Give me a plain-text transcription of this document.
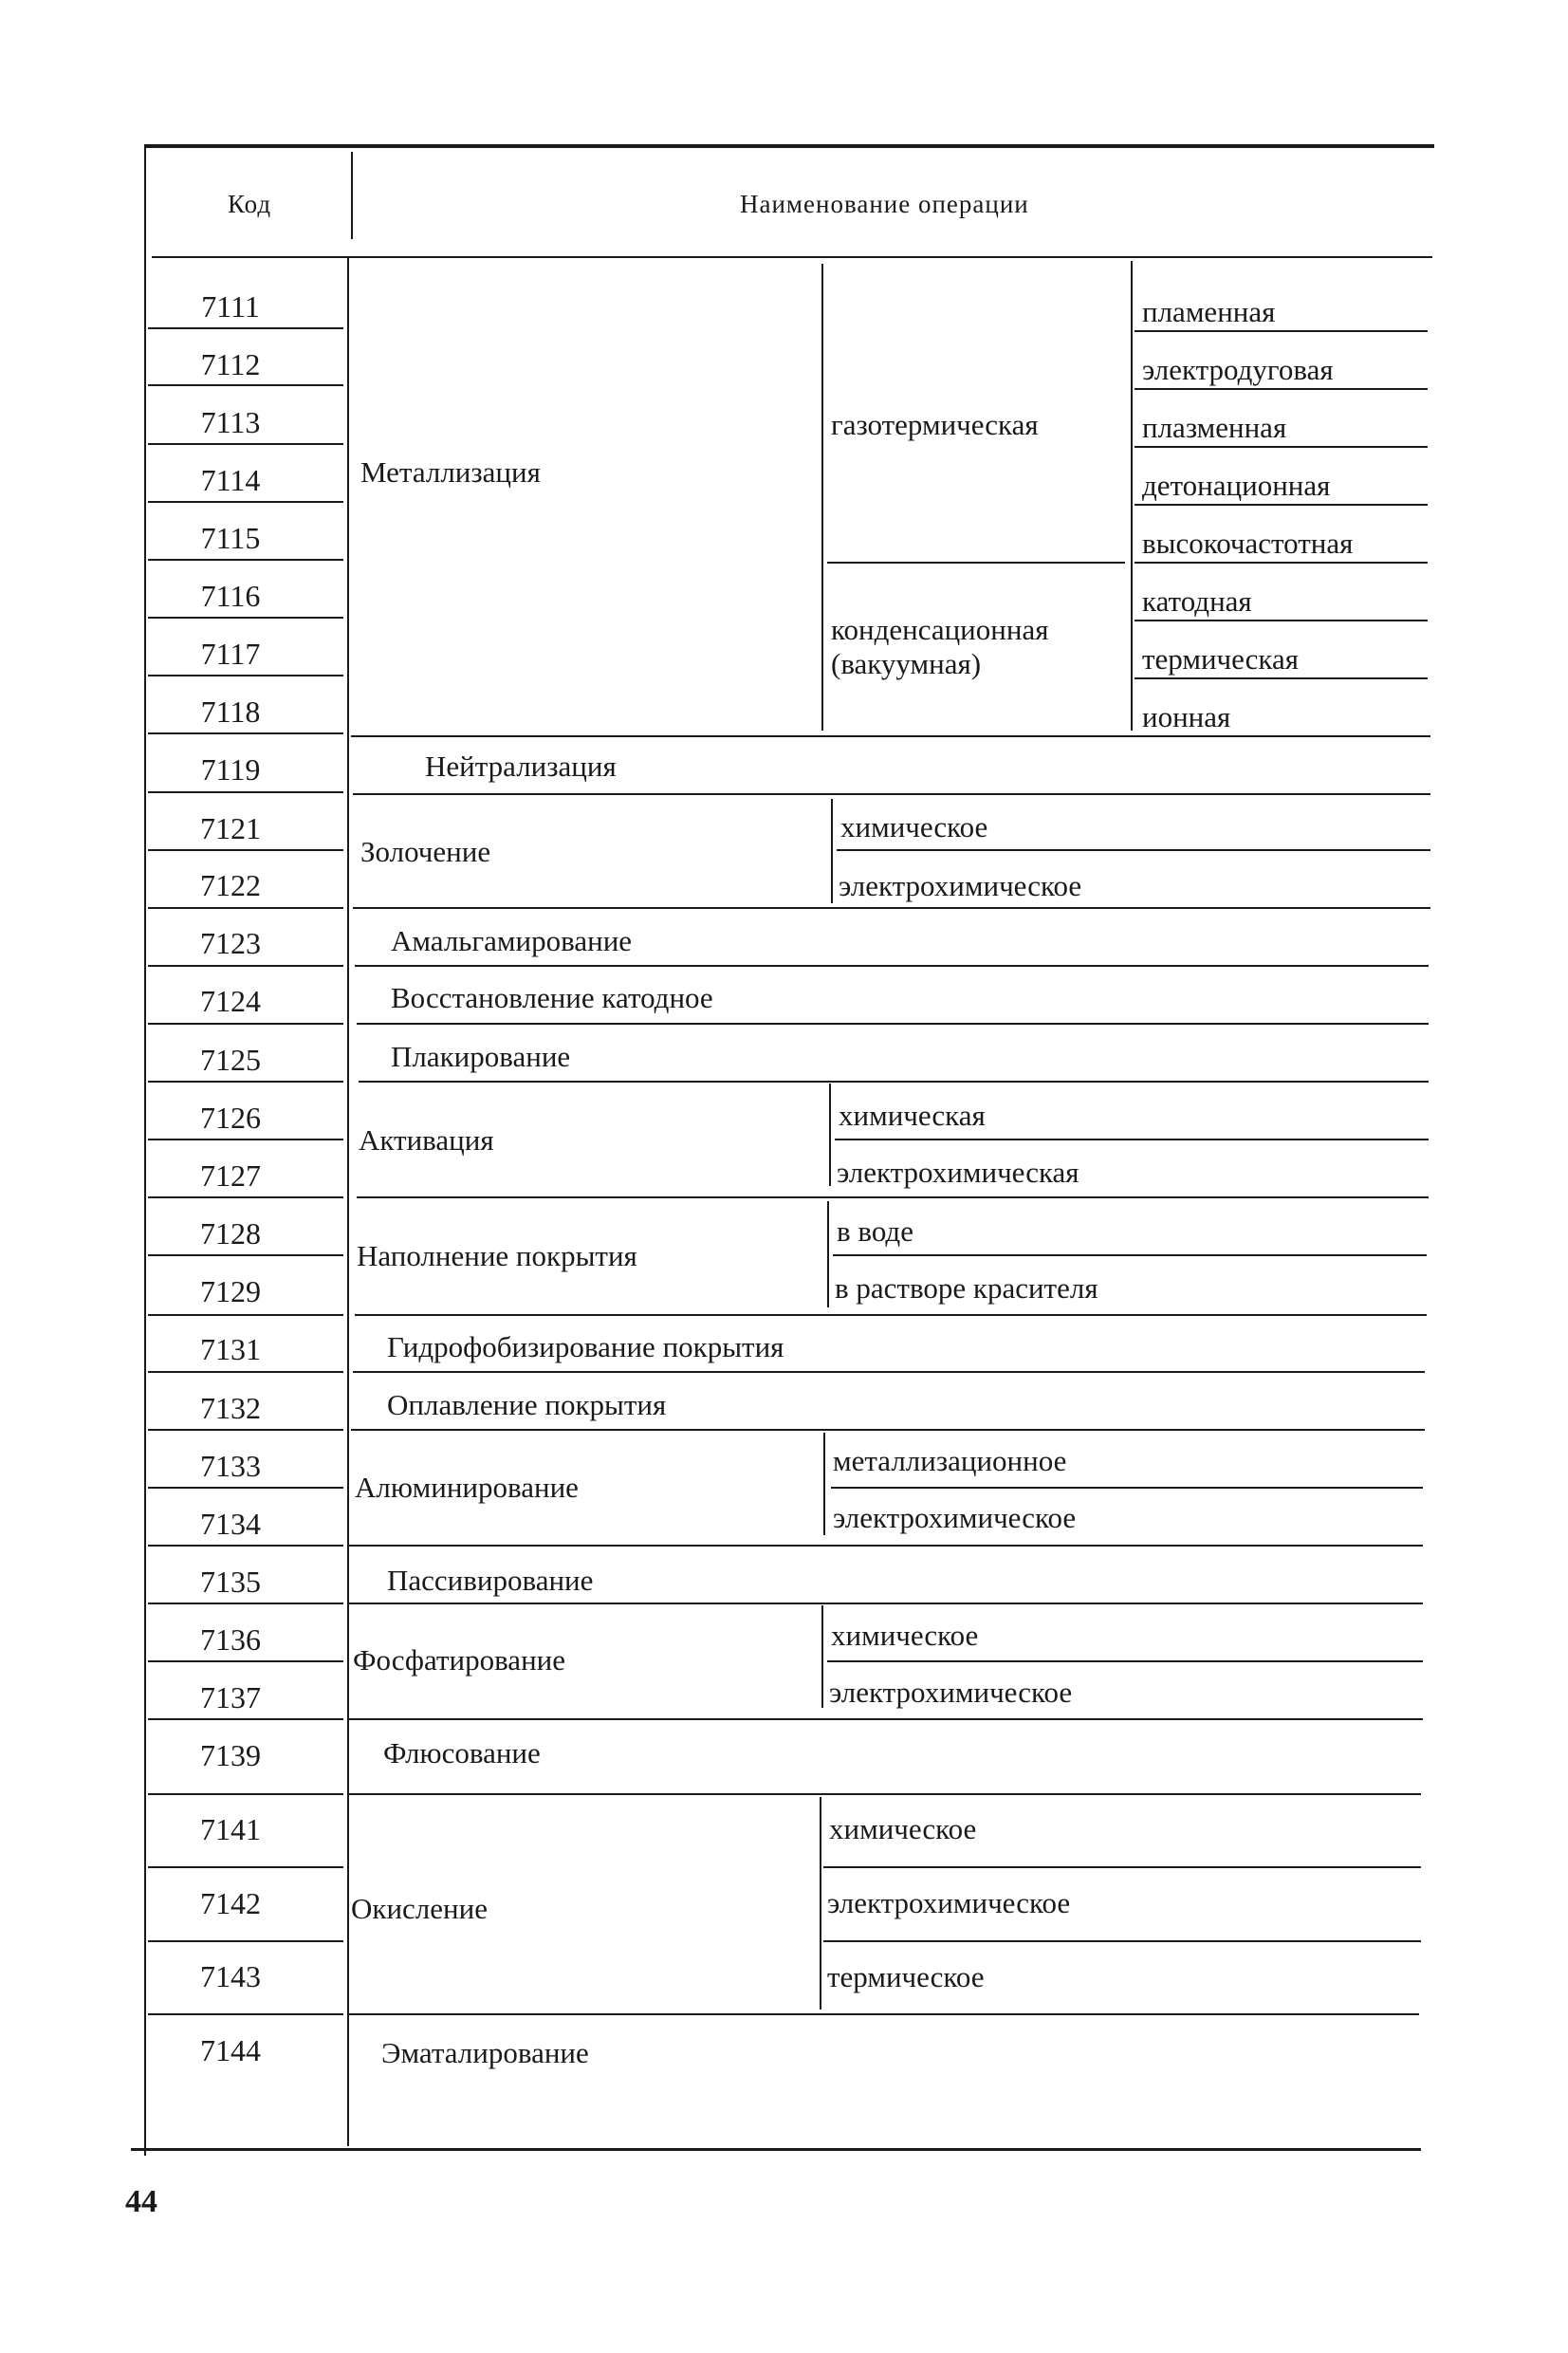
Код	Наименование операции
Металлизация
газотермическая
конденсационная
(вакуумная)
Нейтрализация
Золочение
Амальгамирование
Восстановление катодное
Плакирование
Активация
Наполнение покрытия
Гидрофобизирование покрытия
Оплавление покрытия
Алюминирование
Пассивирование
Фосфатирование
Флюсование
Окисление
Эматалирование
химическое
электрохимическое
химическая
электрохимическая
в воде
в растворе красителя
металлизационное
электрохимическое
химическое
электрохимическое
химическое
электрохимическое
термическое
44
7111
7112
7113
7114
7115
7116
7117
7118
7119
7121
7122
7123
7124
7125
7126
7127
7128
7129
7131
7132
7133
7134
7135
7136
7137
7139
7141
7142
7143
7144
пламенная
электродуговая
плазменная
детонационная
высокочастотная
катодная
термическая
ионная
